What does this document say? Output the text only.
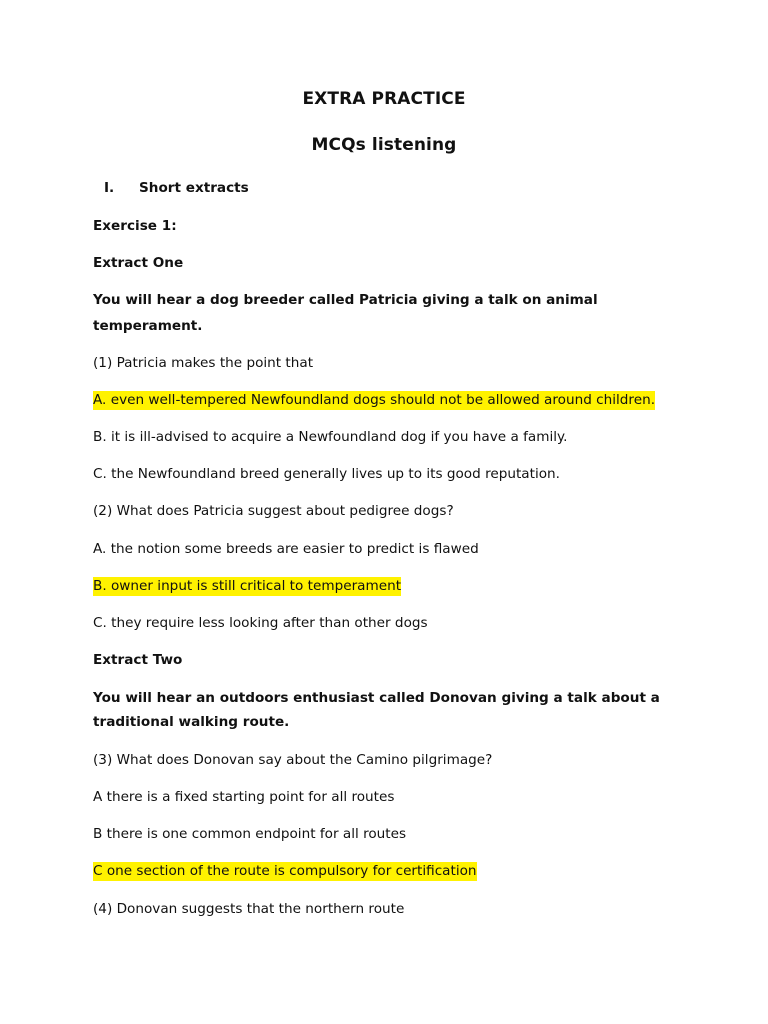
EXTRA PRACTICE
MCQs listening
I. Short extracts
Exercise 1:
Extract One
You will hear a dog breeder called Patricia giving a talk on animal
temperament.
(1) Patricia makes the point that
A. even well-tempered Newfoundland dogs should not be allowed around children.
B. it is ill-advised to acquire a Newfoundland dog if you have a family.
C. the Newfoundland breed generally lives up to its good reputation.
(2) What does Patricia suggest about pedigree dogs?
A. the notion some breeds are easier to predict is flawed
B. owner input is still critical to temperament
C. they require less looking after than other dogs
Extract Two
You will hear an outdoors enthusiast called Donovan giving a talk about a
traditional walking route.
(3) What does Donovan say about the Camino pilgrimage?
A there is a fixed starting point for all routes
B there is one common endpoint for all routes
C one section of the route is compulsory for certification
(4) Donovan suggests that the northern route
